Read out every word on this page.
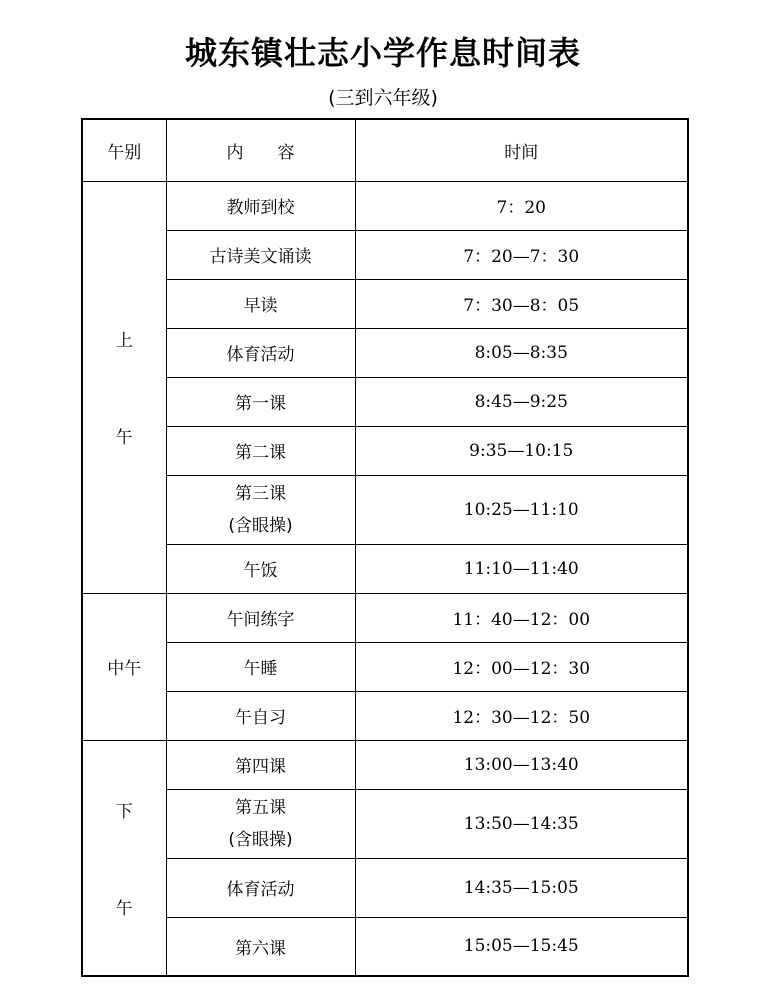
城东镇壮志小学作息时间表
(三到六年级)
午别	内　　容	时间

上
午	教师到校	7：20
	古诗美文诵读	7：20—7：30
	早读	7：30—8：05
	体育活动	8:05—8:35
	第一课	8:45—9:25
	第二课	9:35—10:15

	第三课
(含眼操)	10:25—11:10
	午饭	11:10—11:40
中午	午间练字	11：40—12：00
	午睡	12：00—12：30
	午自习	12：30—12：50

下
午	第四课	13:00—13:40

	第五课
(含眼操)	13:50—14:35
	体育活动	14:35—15:05
	第六课	15:05—15:45
